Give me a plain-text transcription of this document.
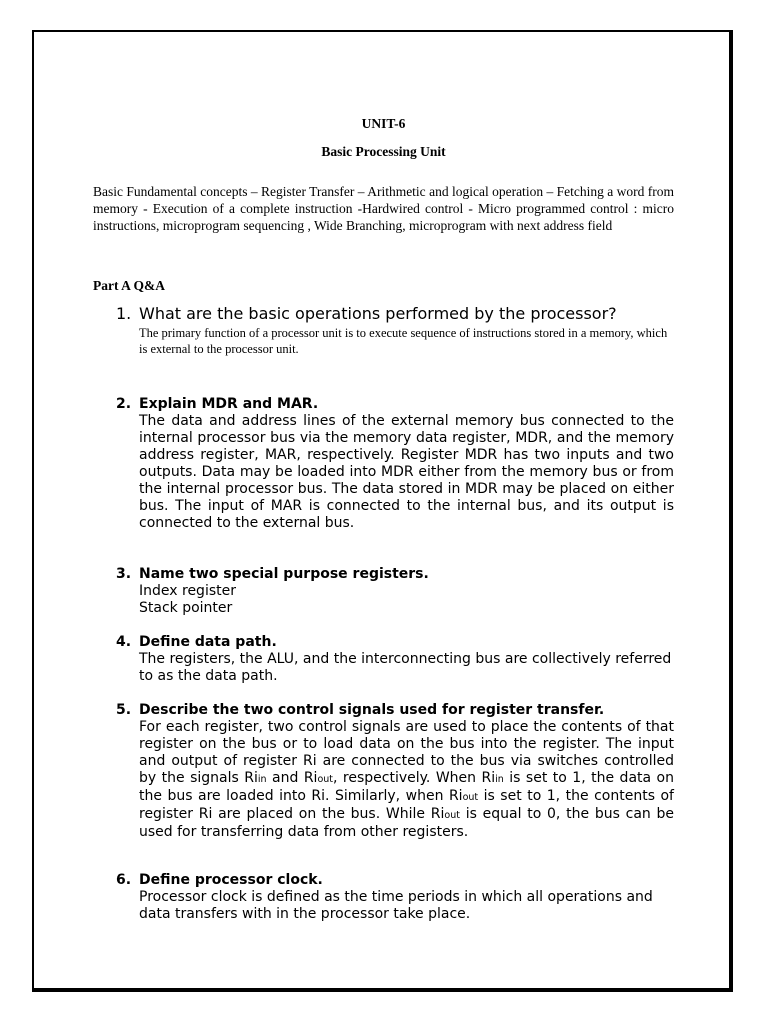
UNIT-6
Basic Processing Unit

Basic Fundamental concepts – Register Transfer – Arithmetic and logical operation – Fetching a word from memory - Execution of a complete instruction -Hardwired control - Micro programmed control : micro instructions, microprogram sequencing , Wide Branching, microprogram with next address field

Part A Q&A

1. What are the basic operations performed by the processor?
The primary function of a processor unit is to execute sequence of instructions stored in a memory, which is external to the processor unit.
2. Explain MDR and MAR.
The data and address lines of the external memory bus connected to the internal processor bus via the memory data register, MDR, and the memory address register, MAR, respectively. Register MDR has two inputs and two outputs. Data may be loaded into MDR either from the memory bus or from the internal processor bus. The data stored in MDR may be placed on either bus. The input of MAR is connected to the internal bus, and its output is connected to the external bus.
3. Name two special purpose registers.

Index register

Stack pointer

4. Define data path.
The registers, the ALU, and the interconnecting bus are collectively referred to as the data path.
5. Describe the two control signals used for register transfer.
For each register, two control signals are used to place the contents of that register on the bus or to load data on the bus into the register. The input and output of register Ri are connected to the bus via switches controlled by the signals Riin and Riout, respectively. When Riin is set to 1, the data on the bus are loaded into Ri. Similarly, when Riout is set to 1, the contents of register Ri are placed on the bus. While Riout is equal to 0, the bus can be used for transferring data from other registers.
6. Define processor clock.
Processor clock is defined as the time periods in which all operations and data transfers with in the processor take place.
